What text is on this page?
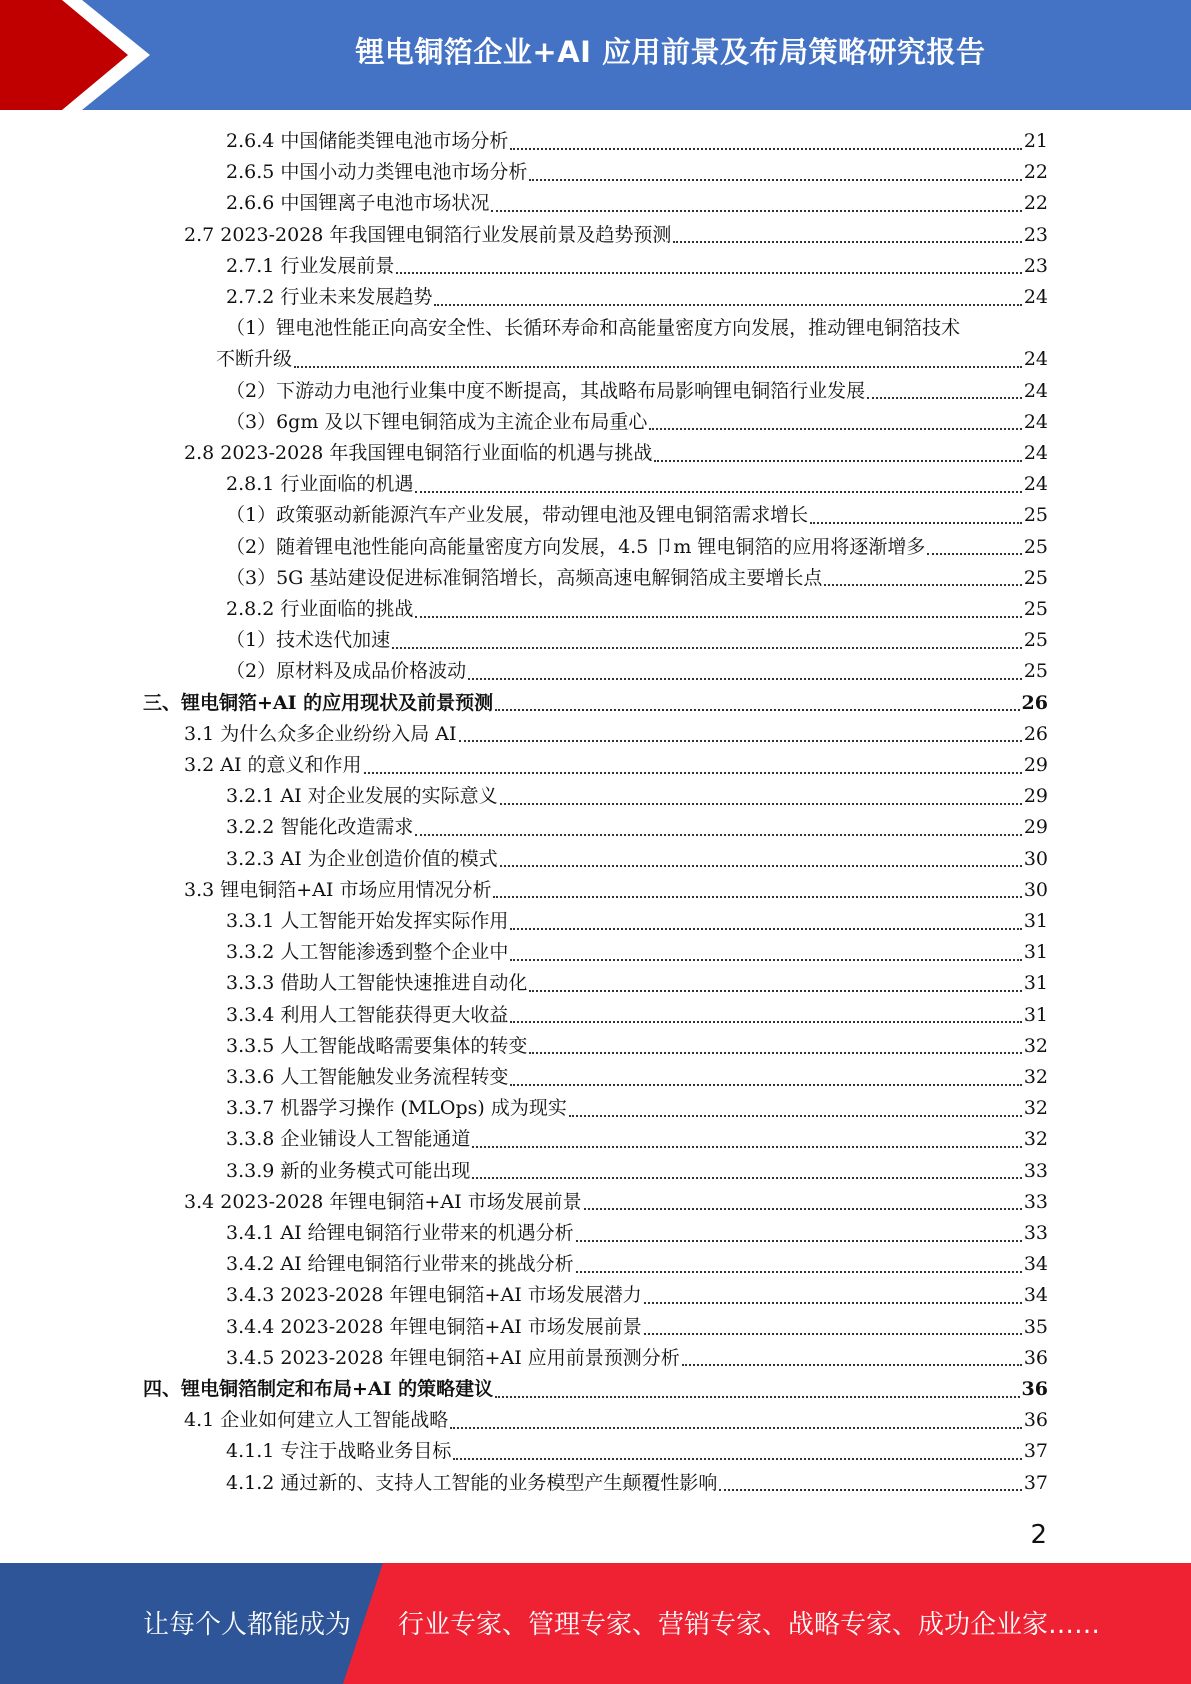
锂电铜箔企业+AI 应用前景及布局策略研究报告
2.6.4 中国储能类锂电池市场分析	21
2.6.5 中国小动力类锂电池市场分析	22
2.6.6 中国锂离子电池市场状况	22
2.7 2023-2028 年我国锂电铜箔行业发展前景及趋势预测	23
2.7.1 行业发展前景	23
2.7.2 行业未来发展趋势	24
（1）锂电池性能正向高安全性、长循环寿命和高能量密度方向发展，推动锂电铜箔技术
不断升级	24
（2）下游动力电池行业集中度不断提高，其战略布局影响锂电铜箔行业发展	24
（3）6gm 及以下锂电铜箔成为主流企业布局重心	24
2.8 2023-2028 年我国锂电铜箔行业面临的机遇与挑战	24
2.8.1 行业面临的机遇	24
（1）政策驱动新能源汽车产业发展，带动锂电池及锂电铜箔需求增长	25
（2）随着锂电池性能向高能量密度方向发展，4.5 卩m 锂电铜箔的应用将逐渐增多	25
（3）5G 基站建设促进标准铜箔增长，高频高速电解铜箔成主要增长点	25
2.8.2 行业面临的挑战	25
（1）技术迭代加速	25
（2）原材料及成品价格波动	25
三、锂电铜箔+AI 的应用现状及前景预测	26
3.1 为什么众多企业纷纷入局 AI	26
3.2 AI 的意义和作用	29
3.2.1 AI 对企业发展的实际意义	29
3.2.2 智能化改造需求	29
3.2.3 AI 为企业创造价值的模式	30
3.3 锂电铜箔+AI 市场应用情况分析	30
3.3.1 人工智能开始发挥实际作用	31
3.3.2 人工智能渗透到整个企业中	31
3.3.3 借助人工智能快速推进自动化	31
3.3.4 利用人工智能获得更大收益	31
3.3.5 人工智能战略需要集体的转变	32
3.3.6 人工智能触发业务流程转变	32
3.3.7 机器学习操作 (MLOps) 成为现实	32
3.3.8 企业铺设人工智能通道	32
3.3.9 新的业务模式可能出现	33
3.4 2023-2028 年锂电铜箔+AI 市场发展前景	33
3.4.1 AI 给锂电铜箔行业带来的机遇分析	33
3.4.2 AI 给锂电铜箔行业带来的挑战分析	34
3.4.3 2023-2028 年锂电铜箔+AI 市场发展潜力	34
3.4.4 2023-2028 年锂电铜箔+AI 市场发展前景	35
3.4.5 2023-2028 年锂电铜箔+AI 应用前景预测分析	36
四、锂电铜箔制定和布局+AI 的策略建议	36
4.1 企业如何建立人工智能战略	36
4.1.1 专注于战略业务目标	37
4.1.2 通过新的、支持人工智能的业务模型产生颠覆性影响	37
2
让每个人都能成为 行业专家、管理专家、营销专家、战略专家、成功企业家……
